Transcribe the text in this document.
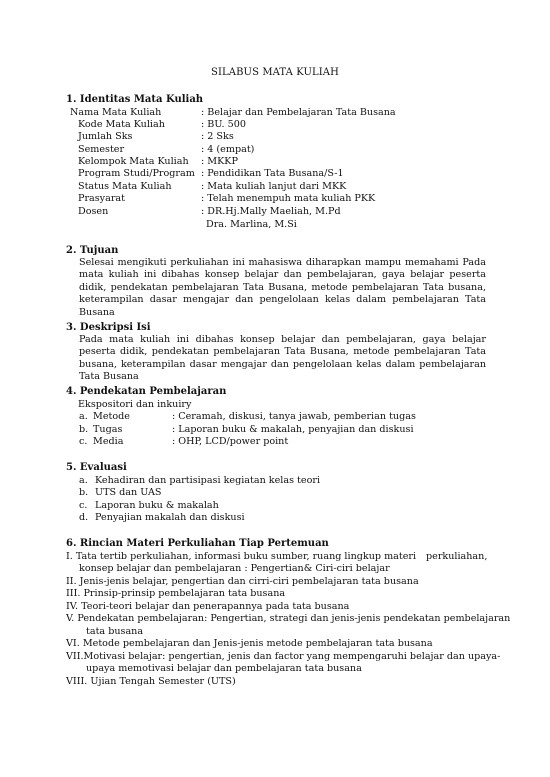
SILABUS MATA KULIAH
1. Identitas Mata Kuliah
Nama Mata Kuliah	: Belajar dan Pembelajaran Tata Busana
Kode Mata Kuliah	: BU. 500
Jumlah Sks	: 2 Sks
Semester	: 4 (empat)
Kelompok Mata Kuliah : MKKP
Program Studi/Program : Pendidikan Tata Busana/S-1
Status Mata Kuliah	: Mata kuliah lanjut dari MKK
Prasyarat	: Telah menempuh mata kuliah PKK
Dosen	: DR.Hj.Mally Maeliah, M.Pd
Dra. Marlina, M.Si
2. Tujuan
Selesai mengikuti perkuliahan ini mahasiswa diharapkan mampu memahami Pada mata kuliah ini dibahas konsep belajar dan pembelajaran, gaya belajar peserta didik, pendekatan pembelajaran Tata Busana, metode pembelajaran Tata busana, keterampilan dasar mengajar dan pengelolaan kelas dalam pembelajaran Tata Busana
3. Deskripsi Isi
Pada mata kuliah ini dibahas konsep belajar dan pembelajaran, gaya belajar peserta didik, pendekatan pembelajaran Tata Busana, metode pembelajaran Tata busana, keterampilan dasar mengajar dan pengelolaan kelas dalam pembelajaran Tata Busana
4. Pendekatan Pembelajaran
Ekspositori dan inkuiry
a. Metode	: Ceramah, diskusi, tanya jawab, pemberian tugas
b. Tugas	: Laporan buku & makalah, penyajian dan diskusi
c. Media	: OHP, LCD/power point
5. Evaluasi
a. Kehadiran dan partisipasi kegiatan kelas teori
b. UTS dan UAS
c. Laporan buku & makalah
d. Penyajian makalah dan diskusi
6. Rincian Materi Perkuliahan Tiap Pertemuan
I. Tata tertib perkuliahan, informasi buku sumber, ruang lingkup materi perkuliahan,
konsep belajar dan pembelajaran : Pengertian& Ciri-ciri belajar
II. Jenis-jenis belajar, pengertian dan cirri-ciri pembelajaran tata busana
III. Prinsip-prinsip pembelajaran tata busana
IV. Teori-teori belajar dan penerapannya pada tata busana
V. Pendekatan pembelajaran: Pengertian, strategi dan jenis-jenis pendekatan pembelajaran
tata busana
VI. Metode pembelajaran dan Jenis-jenis metode pembelajaran tata busana
VII.Motivasi belajar: pengertian, jenis dan factor yang mempengaruhi belajar dan upaya-
upaya memotivasi belajar dan pembelajaran tata busana
VIII. Ujian Tengah Semester (UTS)
